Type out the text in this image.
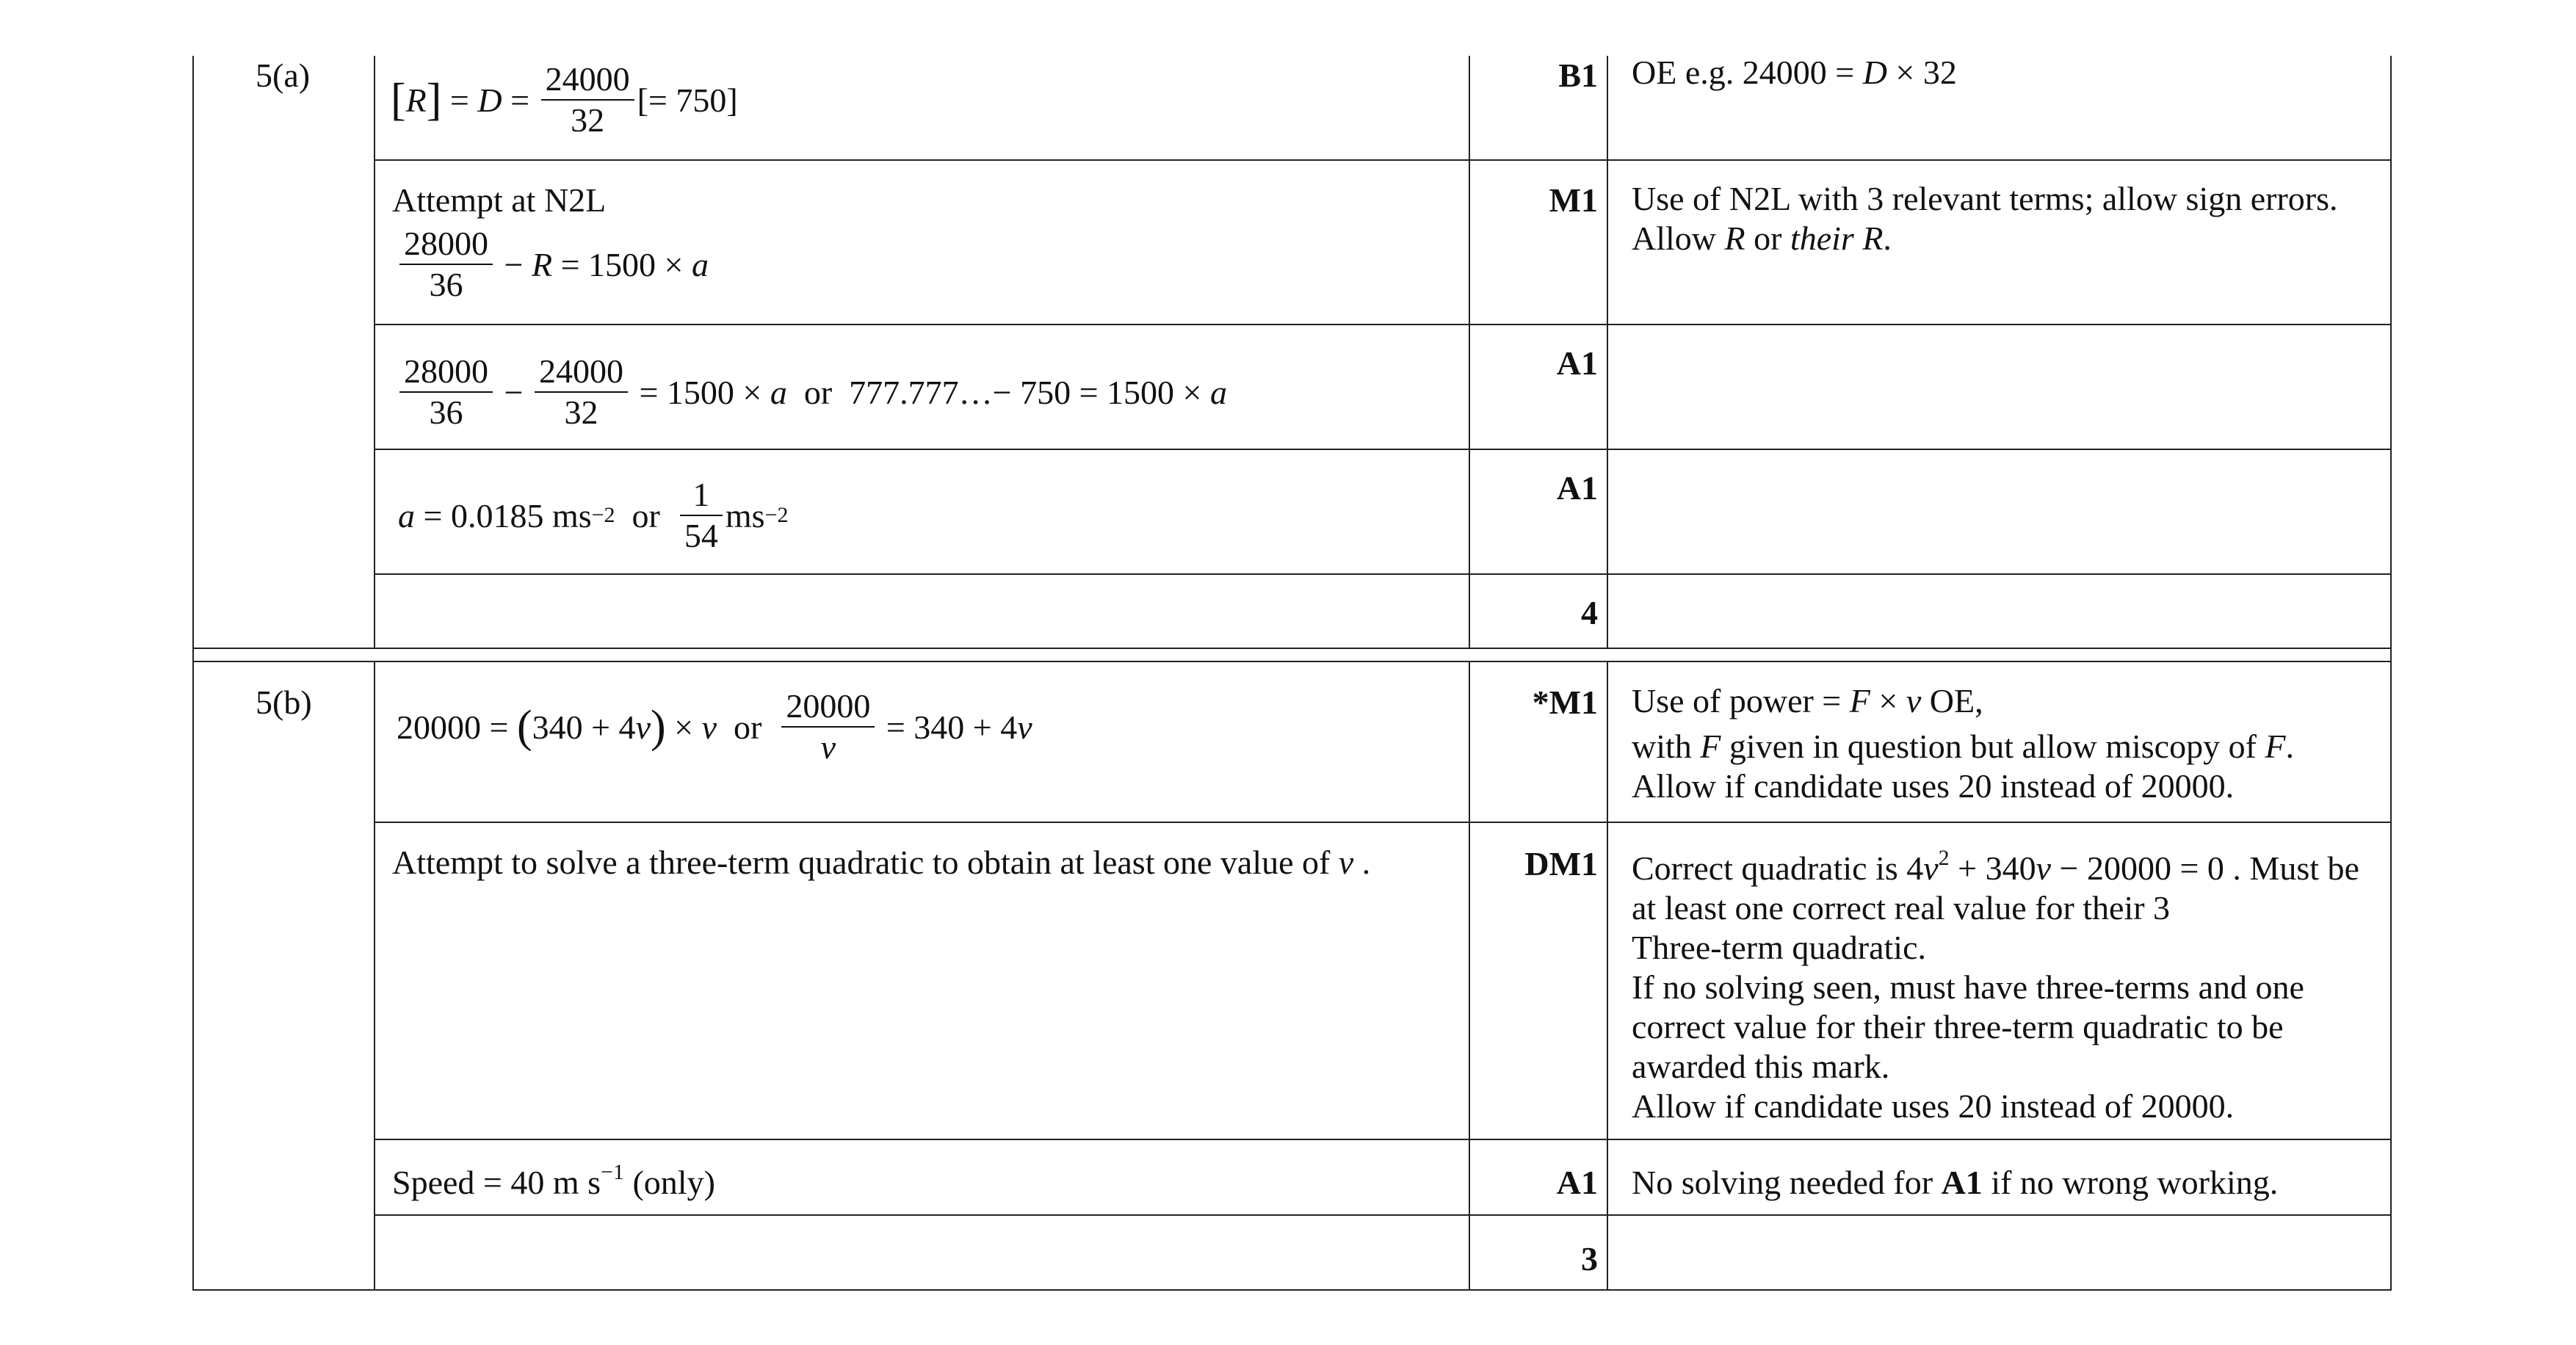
5(a) [ R ] = $D = \frac{24000}{32}$ [= 750]
B1 OE e.g. 24000 = D × 32
Attempt at N2L
$\frac{28000}{36} - R = 1500 \times a$
M1 Use of N2L with 3 relevant terms; allow sign errors.
Allow R or their R.
$\frac{28000}{36} - \frac{24000}{32} = 1500 \times a$ or  777.777…− 750 = 1500 × a
A1
a = 0.0185 ms −2 or $\frac{1}{54}$ ms −2
A1
4
5(b)
20000 = ( 340 + 4 v ) × v or $\frac{20000}{v} = 340 + 4$ v
*M1 Use of power = F × v OE,
with F given in question but allow miscopy of F.
Allow if candidate uses 20 instead of 20000.
Attempt to solve a three-term quadratic to obtain at least one value of v .	DM1 Correct quadratic is $4v^2 + 340v - 20000 = 0$ . Must be
at least one correct real value for their 3
Three-term quadratic.
If no solving seen, must have three-terms and one
correct value for their three-term quadratic to be
awarded this mark.
Allow if candidate uses 20 instead of 20000.
Speed = 40 m $s^{-1}$ (only)	A1 No solving needed for A1 if no wrong working.
3
